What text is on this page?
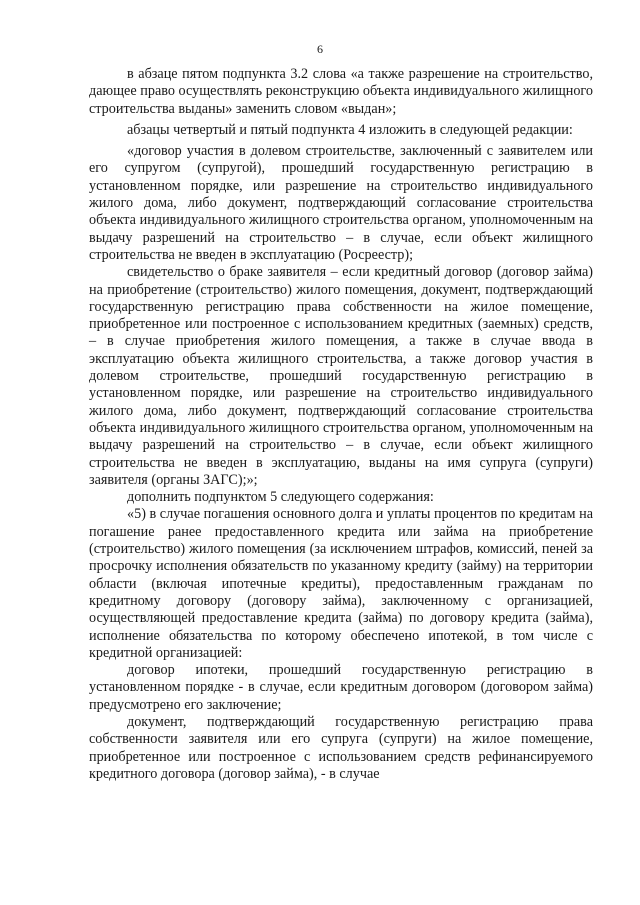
6

в абзаце пятом подпункта 3.2 слова «а также разрешение на строительство, дающее право осуществлять реконструкцию объекта индивидуального жилищного строительства выданы» заменить словом «выдан»;

абзацы четвертый и пятый подпункта 4 изложить в следующей редакции:

«договор участия в долевом строительстве, заключенный с заявителем или его супругом (супругой), прошедший государственную регистрацию в установленном порядке, или разрешение на строительство индивидуального жилого дома, либо документ, подтверждающий согласование строительства объекта индивидуального жилищного строительства органом, уполномоченным на выдачу разрешений на строительство – в случае, если объект жилищного строительства не введен в эксплуатацию (Росреестр);

свидетельство о браке заявителя – если кредитный договор (договор займа) на приобретение (строительство) жилого помещения, документ, подтверждающий государственную регистрацию права собственности на жилое помещение, приобретенное или построенное с использованием кредитных (заемных) средств, – в случае приобретения жилого помещения, а также в случае ввода в эксплуатацию объекта жилищного строительства, а также договор участия в долевом строительстве, прошедший государственную регистрацию в установленном порядке, или разрешение на строительство индивидуального жилого дома, либо документ, подтверждающий согласование строительства объекта индивидуального жилищного строительства органом, уполномоченным на выдачу разрешений на строительство – в случае, если объект жилищного строительства не введен в эксплуатацию, выданы на имя супруга (супруги) заявителя (органы ЗАГС);»;

дополнить подпунктом 5 следующего содержания:

«5) в случае погашения основного долга и уплаты процентов по кредитам на погашение ранее предоставленного кредита или займа на приобретение (строительство) жилого помещения (за исключением штрафов, комиссий, пеней за просрочку исполнения обязательств по указанному кредиту (займу) на территории области (включая ипотечные кредиты), предоставленным гражданам по кредитному договору (договору займа), заключенному с организацией, осуществляющей предоставление кредита (займа) по договору кредита (займа), исполнение обязательства по которому обеспечено ипотекой, в том числе с кредитной организацией:

договор ипотеки, прошедший государственную регистрацию в установленном порядке - в случае, если кредитным договором (договором займа) предусмотрено его заключение;

документ, подтверждающий государственную регистрацию права собственности заявителя или его супруга (супруги) на жилое помещение, приобретенное или построенное с использованием средств рефинансируемого кредитного договора (договор займа), - в случае
